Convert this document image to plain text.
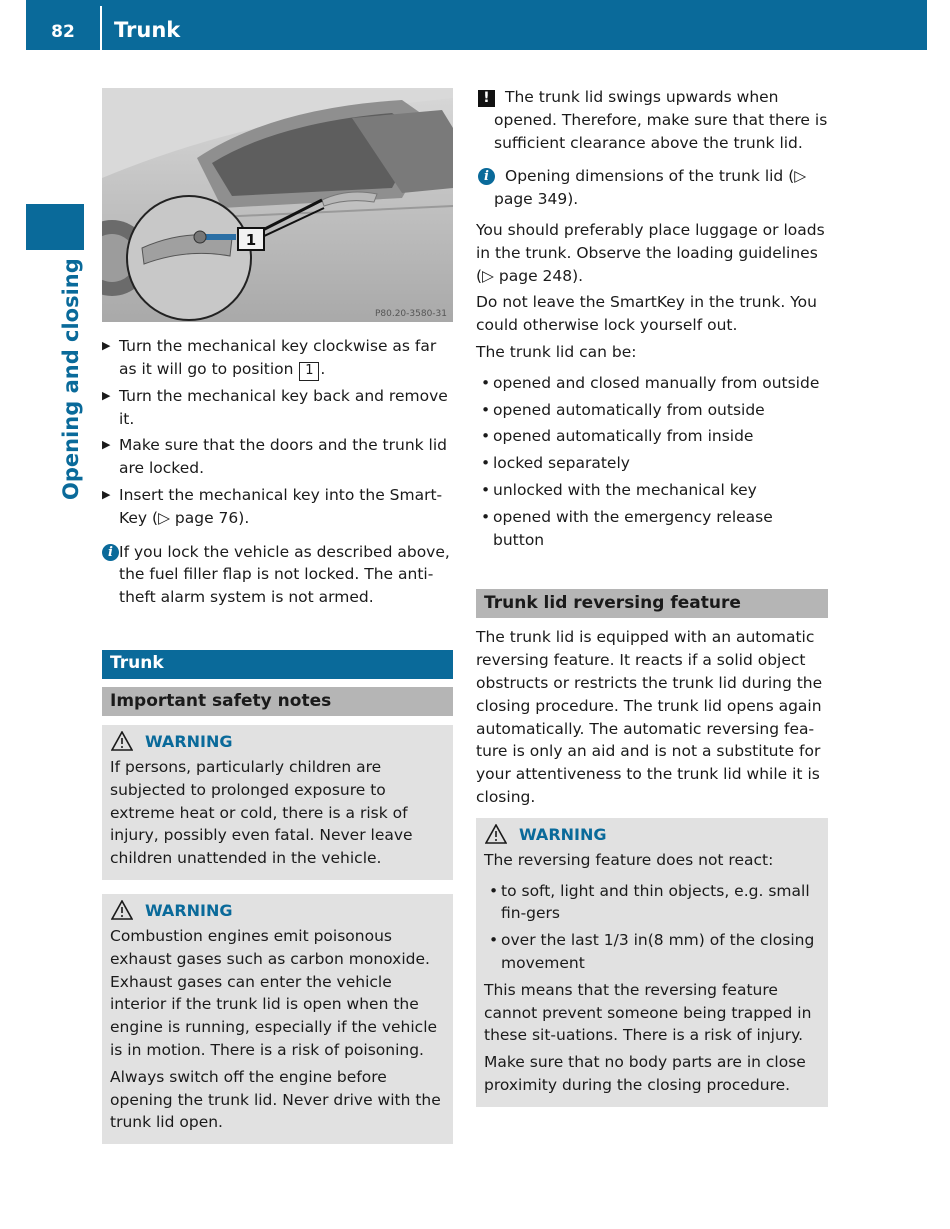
82	Trunk
Opening and closing
1
P80.20-3580-31
▶ Turn the mechanical key clockwise as far as it will go to position 1 .
▶ Turn the mechanical key back and remove it.
▶ Make sure that the doors and the trunk lid are locked.
▶ Insert the mechanical key into the Smart-Key (▷ page 76).
i If you lock the vehicle as described above, the fuel filler flap is not locked. The anti-theft alarm system is not armed.
Trunk
Important safety notes
WARNING

If persons, particularly children are subjected to prolonged exposure to extreme heat or cold, there is a risk of injury, possibly even fatal. Never leave children unattended in the vehicle.

WARNING

Combustion engines emit poisonous exhaust gases such as carbon monoxide. Exhaust gases can enter the vehicle interior if the trunk lid is open when the engine is running, especially if the vehicle is in motion. There is a risk of poisoning.

Always switch off the engine before opening the trunk lid. Never drive with the trunk lid open.

! The trunk lid swings upwards when opened. Therefore, make sure that there is sufficient clearance above the trunk lid.
i	Opening dimensions of the trunk lid (▷ page 349).

You should preferably place luggage or loads in the trunk. Observe the loading guidelines (▷ page 248).

Do not leave the SmartKey in the trunk. You could otherwise lock yourself out.

The trunk lid can be:

• opened and closed manually from outside
• opened automatically from outside
• opened automatically from inside
• locked separately
• unlocked with the mechanical key
• opened with the emergency release button
Trunk lid reversing feature

The trunk lid is equipped with an automatic reversing feature. It reacts if a solid object obstructs or restricts the trunk lid during the closing procedure. The trunk lid opens again automatically. The automatic reversing fea-ture is only an aid and is not a substitute for your attentiveness to the trunk lid while it is closing.

WARNING

The reversing feature does not react:

• to soft, light and thin objects, e.g. small fin-gers
• over the last 1/3 in(8 mm) of the closing movement

This means that the reversing feature cannot prevent someone being trapped in these sit-uations. There is a risk of injury.

Make sure that no body parts are in close proximity during the closing procedure.
